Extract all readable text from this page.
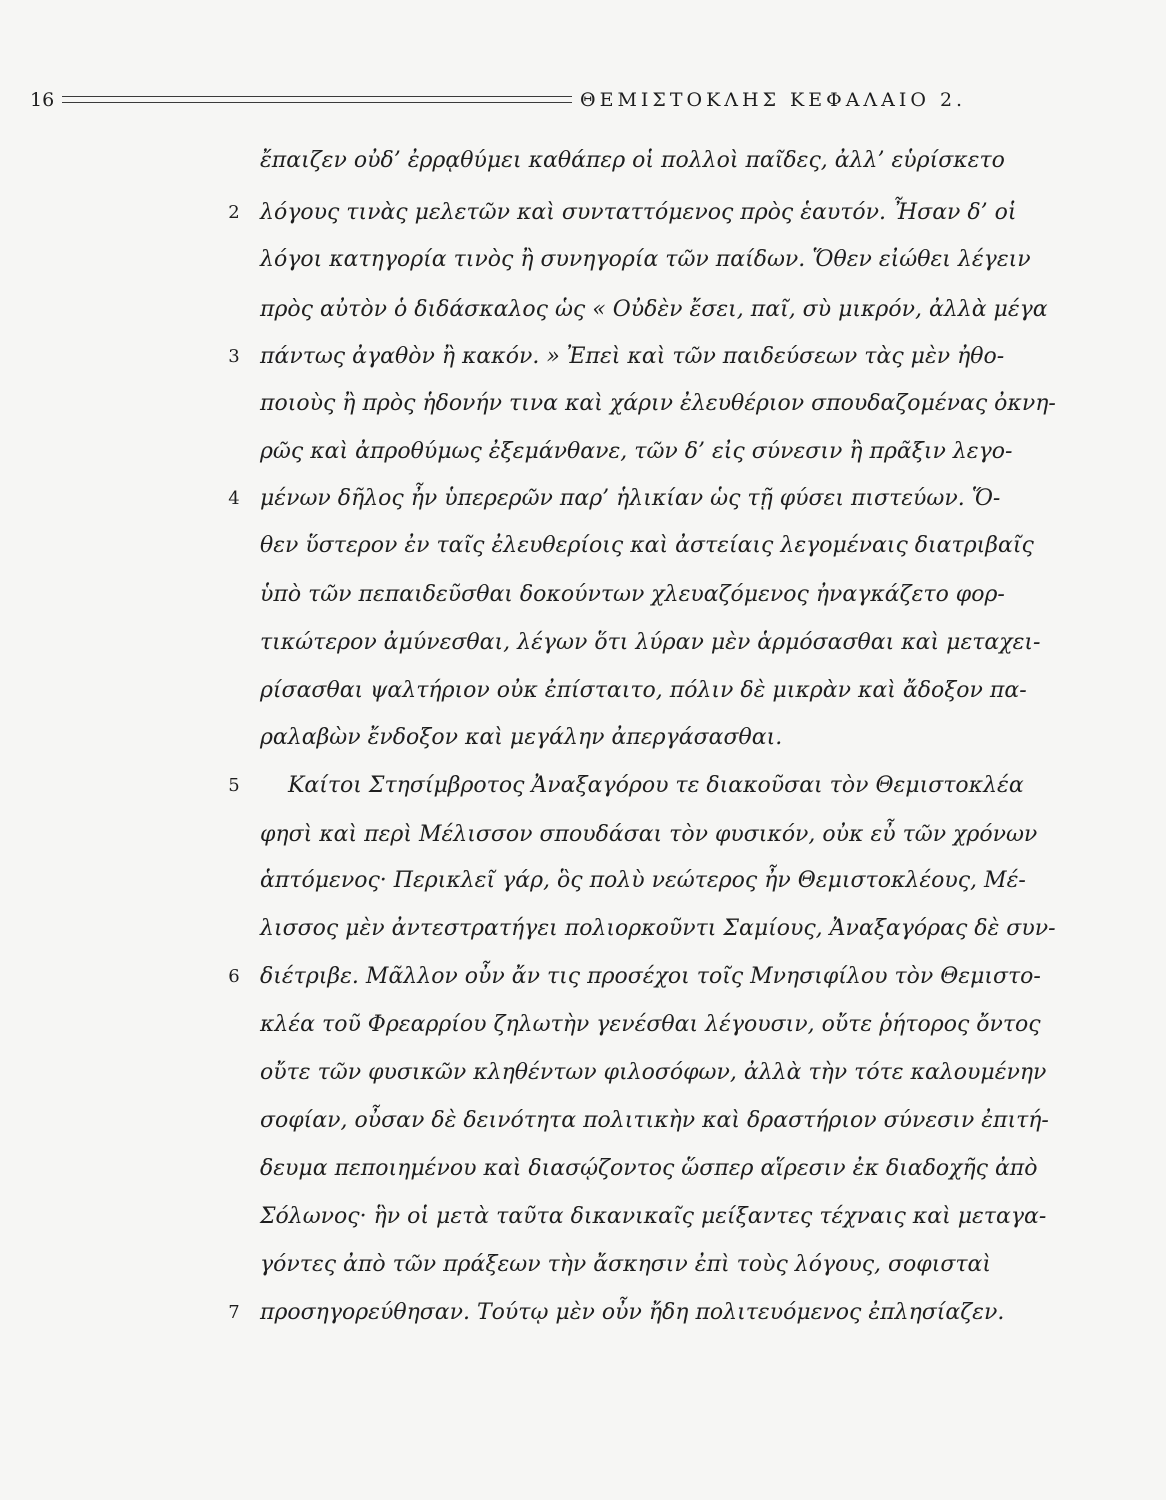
16	ΘΕΜΙΣΤΟΚΛΗΣ ΚΕΦΑΛΑΙΟ 2.
ἔπαιζεν οὐδ’ ἐρρᾳθύμει καθάπερ οἱ πολλοὶ παῖδες, ἀλλ’ εὑρίσκετο
λόγους τινὰς μελετῶν καὶ συνταττόμενος πρὸς ἑαυτόν. Ἦσαν δ’ οἱ
λόγοι κατηγορία τινὸς ἢ συνηγορία τῶν παίδων. Ὅθεν εἰώθει λέγειν
πρὸς αὐτὸν ὁ διδάσκαλος ὡς « Οὐδὲν ἔσει, παῖ, σὺ μικρόν, ἀλλὰ μέγα
πάντως ἀγαθὸν ἢ κακόν. » Ἐπεὶ καὶ τῶν παιδεύσεων τὰς μὲν ἠθο-
ποιοὺς ἢ πρὸς ἡδονήν τινα καὶ χάριν ἐλευθέριον σπουδαζομένας ὀκνη-
ρῶς καὶ ἀπροθύμως ἐξεμάνθανε, τῶν δ’ εἰς σύνεσιν ἢ πρᾶξιν λεγο-
μένων δῆλος ἦν ὑπερερῶν παρ’ ἡλικίαν ὡς τῇ φύσει πιστεύων. Ὅ-
θεν ὕστερον ἐν ταῖς ἐλευθερίοις καὶ ἀστείαις λεγομέναις διατριβαῖς
ὑπὸ τῶν πεπαιδεῦσθαι δοκούντων χλευαζόμενος ἠναγκάζετο φορ-
τικώτερον ἀμύνεσθαι, λέγων ὅτι λύραν μὲν ἁρμόσασθαι καὶ μεταχει-
ρίσασθαι ψαλτήριον οὐκ ἐπίσταιτο, πόλιν δὲ μικρὰν καὶ ἄδοξον πα-
ραλαβὼν ἔνδοξον καὶ μεγάλην ἀπεργάσασθαι.
Καίτοι Στησίμβροτος Ἀναξαγόρου τε διακοῦσαι τὸν Θεμιστοκλέα
φησὶ καὶ περὶ Μέλισσον σπουδάσαι τὸν φυσικόν, οὐκ εὖ τῶν χρόνων
ἁπτόμενος· Περικλεῖ γάρ, ὃς πολὺ νεώτερος ἦν Θεμιστοκλέους, Μέ-
λισσος μὲν ἀντεστρατήγει πολιορκοῦντι Σαμίους, Ἀναξαγόρας δὲ συν-
διέτριβε. Μᾶλλον οὖν ἄν τις προσέχοι τοῖς Μνησιφίλου τὸν Θεμιστο-
κλέα τοῦ Φρεαρρίου ζηλωτὴν γενέσθαι λέγουσιν, οὔτε ῥήτορος ὄντος
οὔτε τῶν φυσικῶν κληθέντων φιλοσόφων, ἀλλὰ τὴν τότε καλουμένην
σοφίαν, οὖσαν δὲ δεινότητα πολιτικὴν καὶ δραστήριον σύνεσιν ἐπιτή-
δευμα πεποιημένου καὶ διασῴζοντος ὥσπερ αἵρεσιν ἐκ διαδοχῆς ἀπὸ
Σόλωνος· ἣν οἱ μετὰ ταῦτα δικανικαῖς μείξαντες τέχναις καὶ μεταγα-
γόντες ἀπὸ τῶν πράξεων τὴν ἄσκησιν ἐπὶ τοὺς λόγους, σοφισταὶ
προσηγορεύθησαν. Τούτῳ μὲν οὖν ἤδη πολιτευόμενος ἐπλησίαζεν.
2
3
4
5
6
7
